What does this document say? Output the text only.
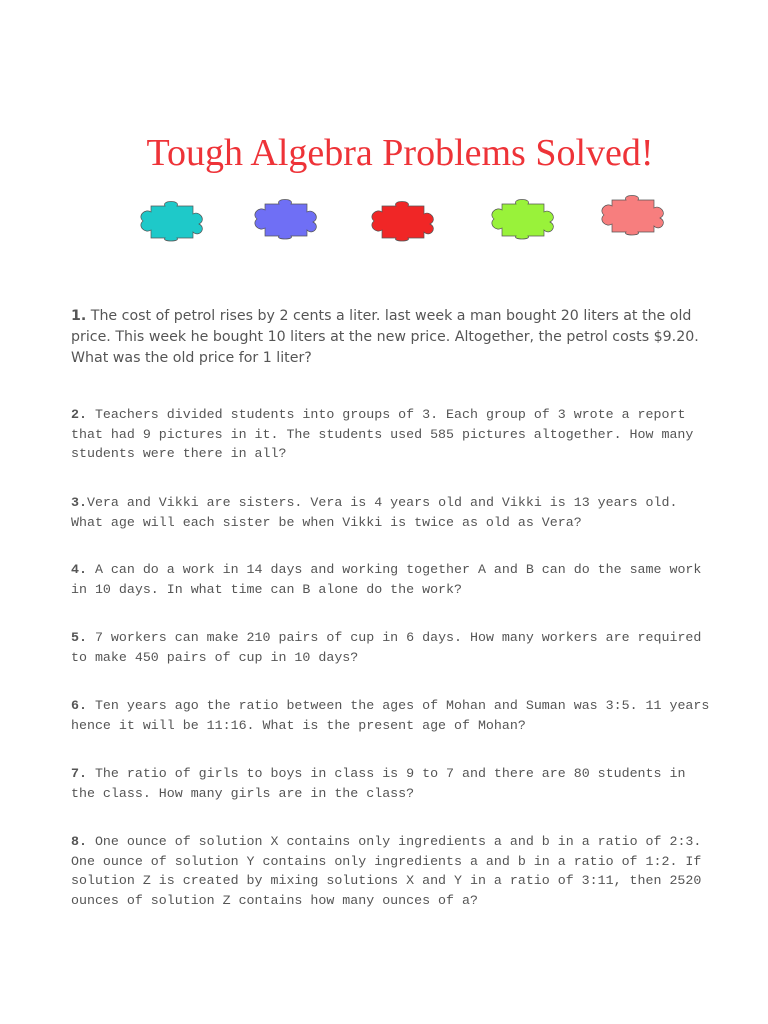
Tough Algebra Problems Solved!

1. The cost of petrol rises by 2 cents a liter. last week a man bought 20 liters at the old price. This week he bought 10 liters at the new price. Altogether, the petrol costs $9.20. What was the old price for 1 liter?

2. Teachers divided students into groups of 3. Each group of 3 wrote a report that had 9 pictures in it. The students used 585 pictures altogether. How many students were there in all?

3.Vera and Vikki are sisters. Vera is 4 years old and Vikki is 13 years old. What age will each sister be when Vikki is twice as old as Vera?

4. A can do a work in 14 days and working together A and B can do the same work in 10 days. In what time can B alone do the work?

5. 7 workers can make 210 pairs of cup in 6 days. How many workers are required to make 450 pairs of cup in 10 days?

6. Ten years ago the ratio between the ages of Mohan and Suman was 3:5. 11 years hence it will be 11:16. What is the present age of Mohan?

7. The ratio of girls to boys in class is 9 to 7 and there are 80 students in the class. How many girls are in the class?

8. One ounce of solution X contains only ingredients a and b in a ratio of 2:3. One ounce of solution Y contains only ingredients a and b in a ratio of 1:2. If solution Z is created by mixing solutions X and Y in a ratio of 3:11, then 2520 ounces of solution Z contains how many ounces of a?
